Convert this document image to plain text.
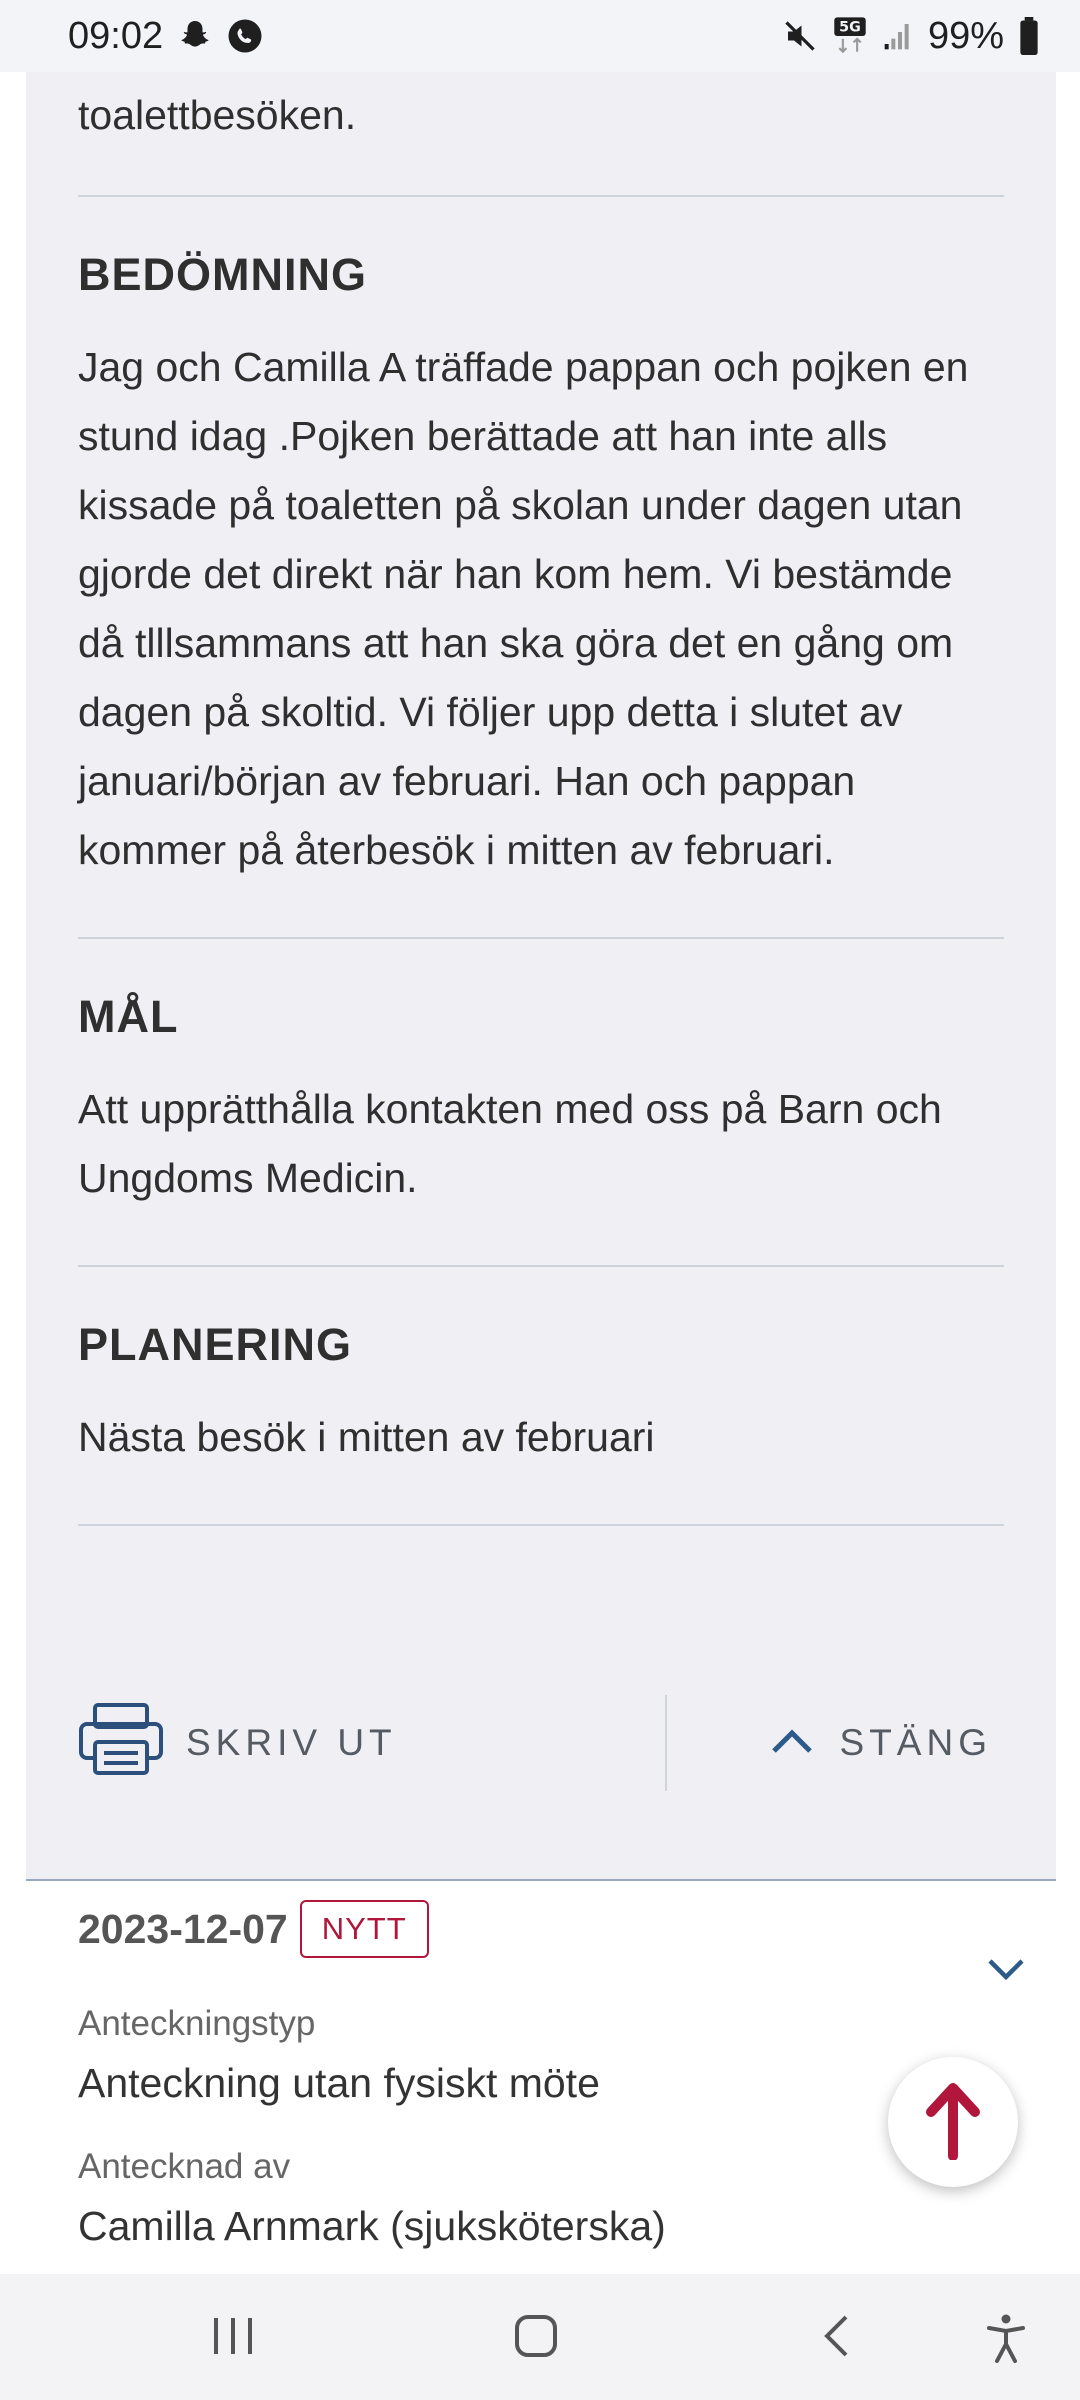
09:02	5G 99%

toalettbesöken.

BEDÖMNING

Jag och Camilla A träffade pappan och pojken en stund idag .Pojken berättade att han inte alls kissade på toaletten på skolan under dagen utan gjorde det direkt när han kom hem. Vi bestämde då tlllsammans att han ska göra det en gång om dagen på skoltid. Vi följer upp detta i slutet av januari/början av februari. Han och pappan kommer på återbesök i mitten av februari.

MÅL

Att upprätthålla kontakten med oss på Barn och Ungdoms Medicin.

PLANERING

Nästa besök i mitten av februari

SKRIV UT	STÄNG
2023-12-07	NYTT
Anteckningstyp
Anteckning utan fysiskt möte
Antecknad av
Camilla Arnmark (sjuksköterska)
